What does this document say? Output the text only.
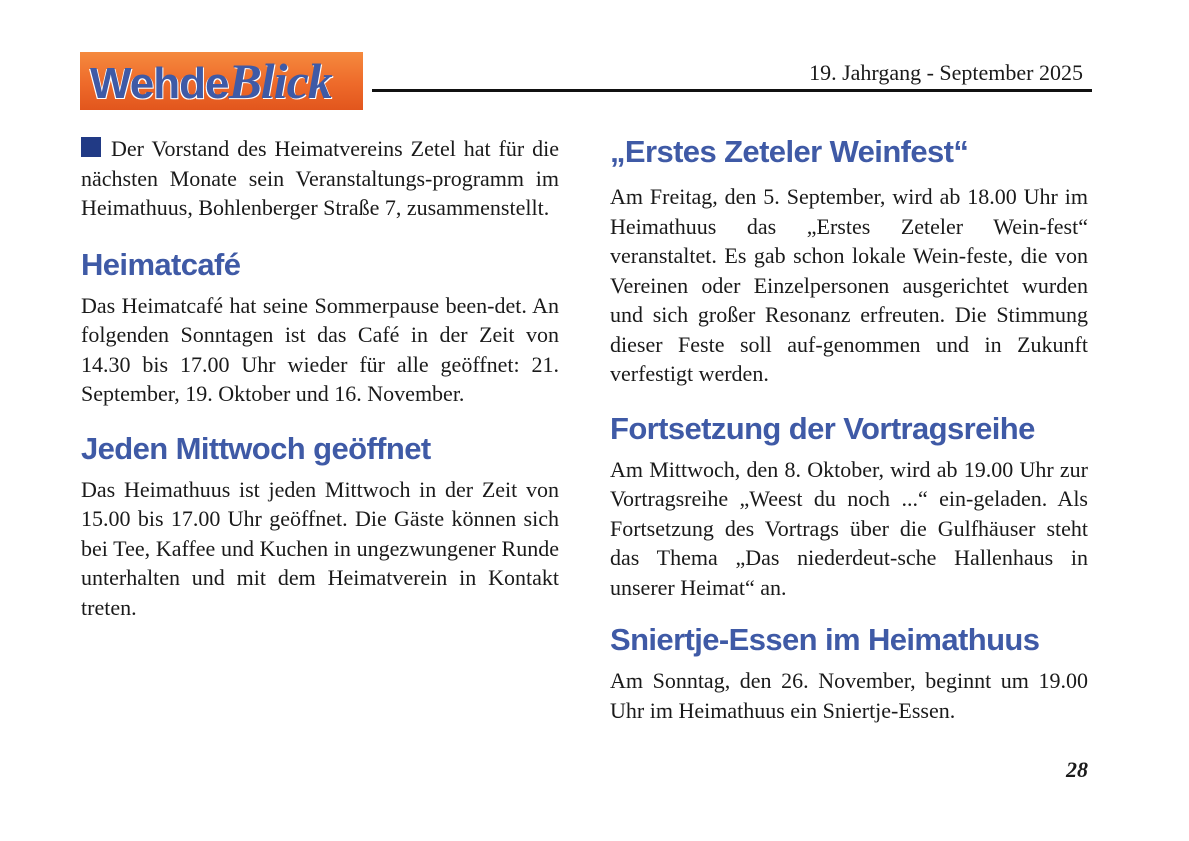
WehdeBlick	19. Jahrgang - September 2025

Der Vorstand des Heimatvereins Zetel hat für die nächsten Monate sein Veranstaltungs-programm im Heimathuus, Bohlenberger Straße 7, zusammenstellt.

Heimatcafé

Das Heimatcafé hat seine Sommerpause been-det. An folgenden Sonntagen ist das Café in der Zeit von 14.30 bis 17.00 Uhr wieder für alle geöffnet: 21. September, 19. Oktober und 16. November.

Jeden Mittwoch geöffnet

Das Heimathuus ist jeden Mittwoch in der Zeit von 15.00 bis 17.00 Uhr geöffnet. Die Gäste können sich bei Tee, Kaffee und Kuchen in ungezwungener Runde unterhalten und mit dem Heimatverein in Kontakt treten.

„Erstes Zeteler Weinfest“

Am Freitag, den 5. September, wird ab 18.00 Uhr im Heimathuus das „Erstes Zeteler Wein-fest“ veranstaltet. Es gab schon lokale Wein-feste, die von Vereinen oder Einzelpersonen ausgerichtet wurden und sich großer Resonanz erfreuten. Die Stimmung dieser Feste soll auf-genommen und in Zukunft verfestigt werden.

Fortsetzung der Vortragsreihe

Am Mittwoch, den 8. Oktober, wird ab 19.00 Uhr zur Vortragsreihe „Weest du noch ...“ ein-geladen. Als Fortsetzung des Vortrags über die Gulfhäuser steht das Thema „Das niederdeut-sche Hallenhaus in unserer Heimat“ an.

Sniertje-Essen im Heimathuus

Am Sonntag, den 26. November, beginnt um 19.00 Uhr im Heimathuus ein Sniertje-Essen.

28
